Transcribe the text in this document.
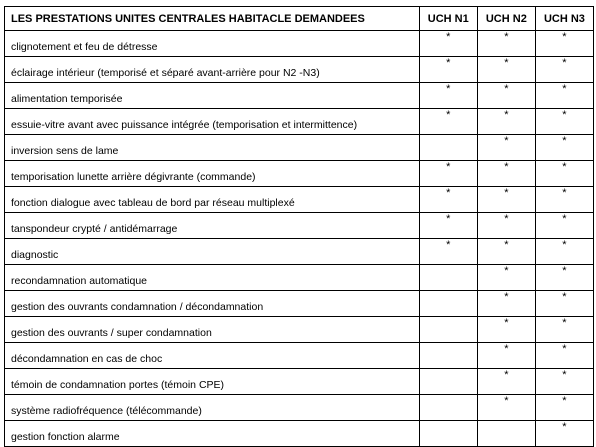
LES PRESTATIONS UNITES CENTRALES HABITACLE DEMANDEES	UCH N1	UCH N2	UCH N3
clignotement et feu de détresse	*	*	*

éclairage intérieur (temporisé et séparé avant-arrière pour N2 -N3)	*	*	*

alimentation temporisée	*	*	*

essuie-vitre avant avec puissance intégrée (temporisation et intermittence)	*	*	*

inversion sens de lame		*	*

temporisation lunette arrière dégivrante (commande)	*	*	*

fonction dialogue avec tableau de bord par réseau multiplexé	*	*	*

tanspondeur crypté / antidémarrage	*	*	*

diagnostic	*	*	*

recondamnation automatique		*	*

gestion des ouvrants condamnation / décondamnation		*	*

gestion des ouvrants / super condamnation		*	*

décondamnation en cas de choc		*	*

témoin de condamnation portes (témoin CPE)		*	*

système radiofréquence (télécommande)		*	*

gestion fonction alarme			*
